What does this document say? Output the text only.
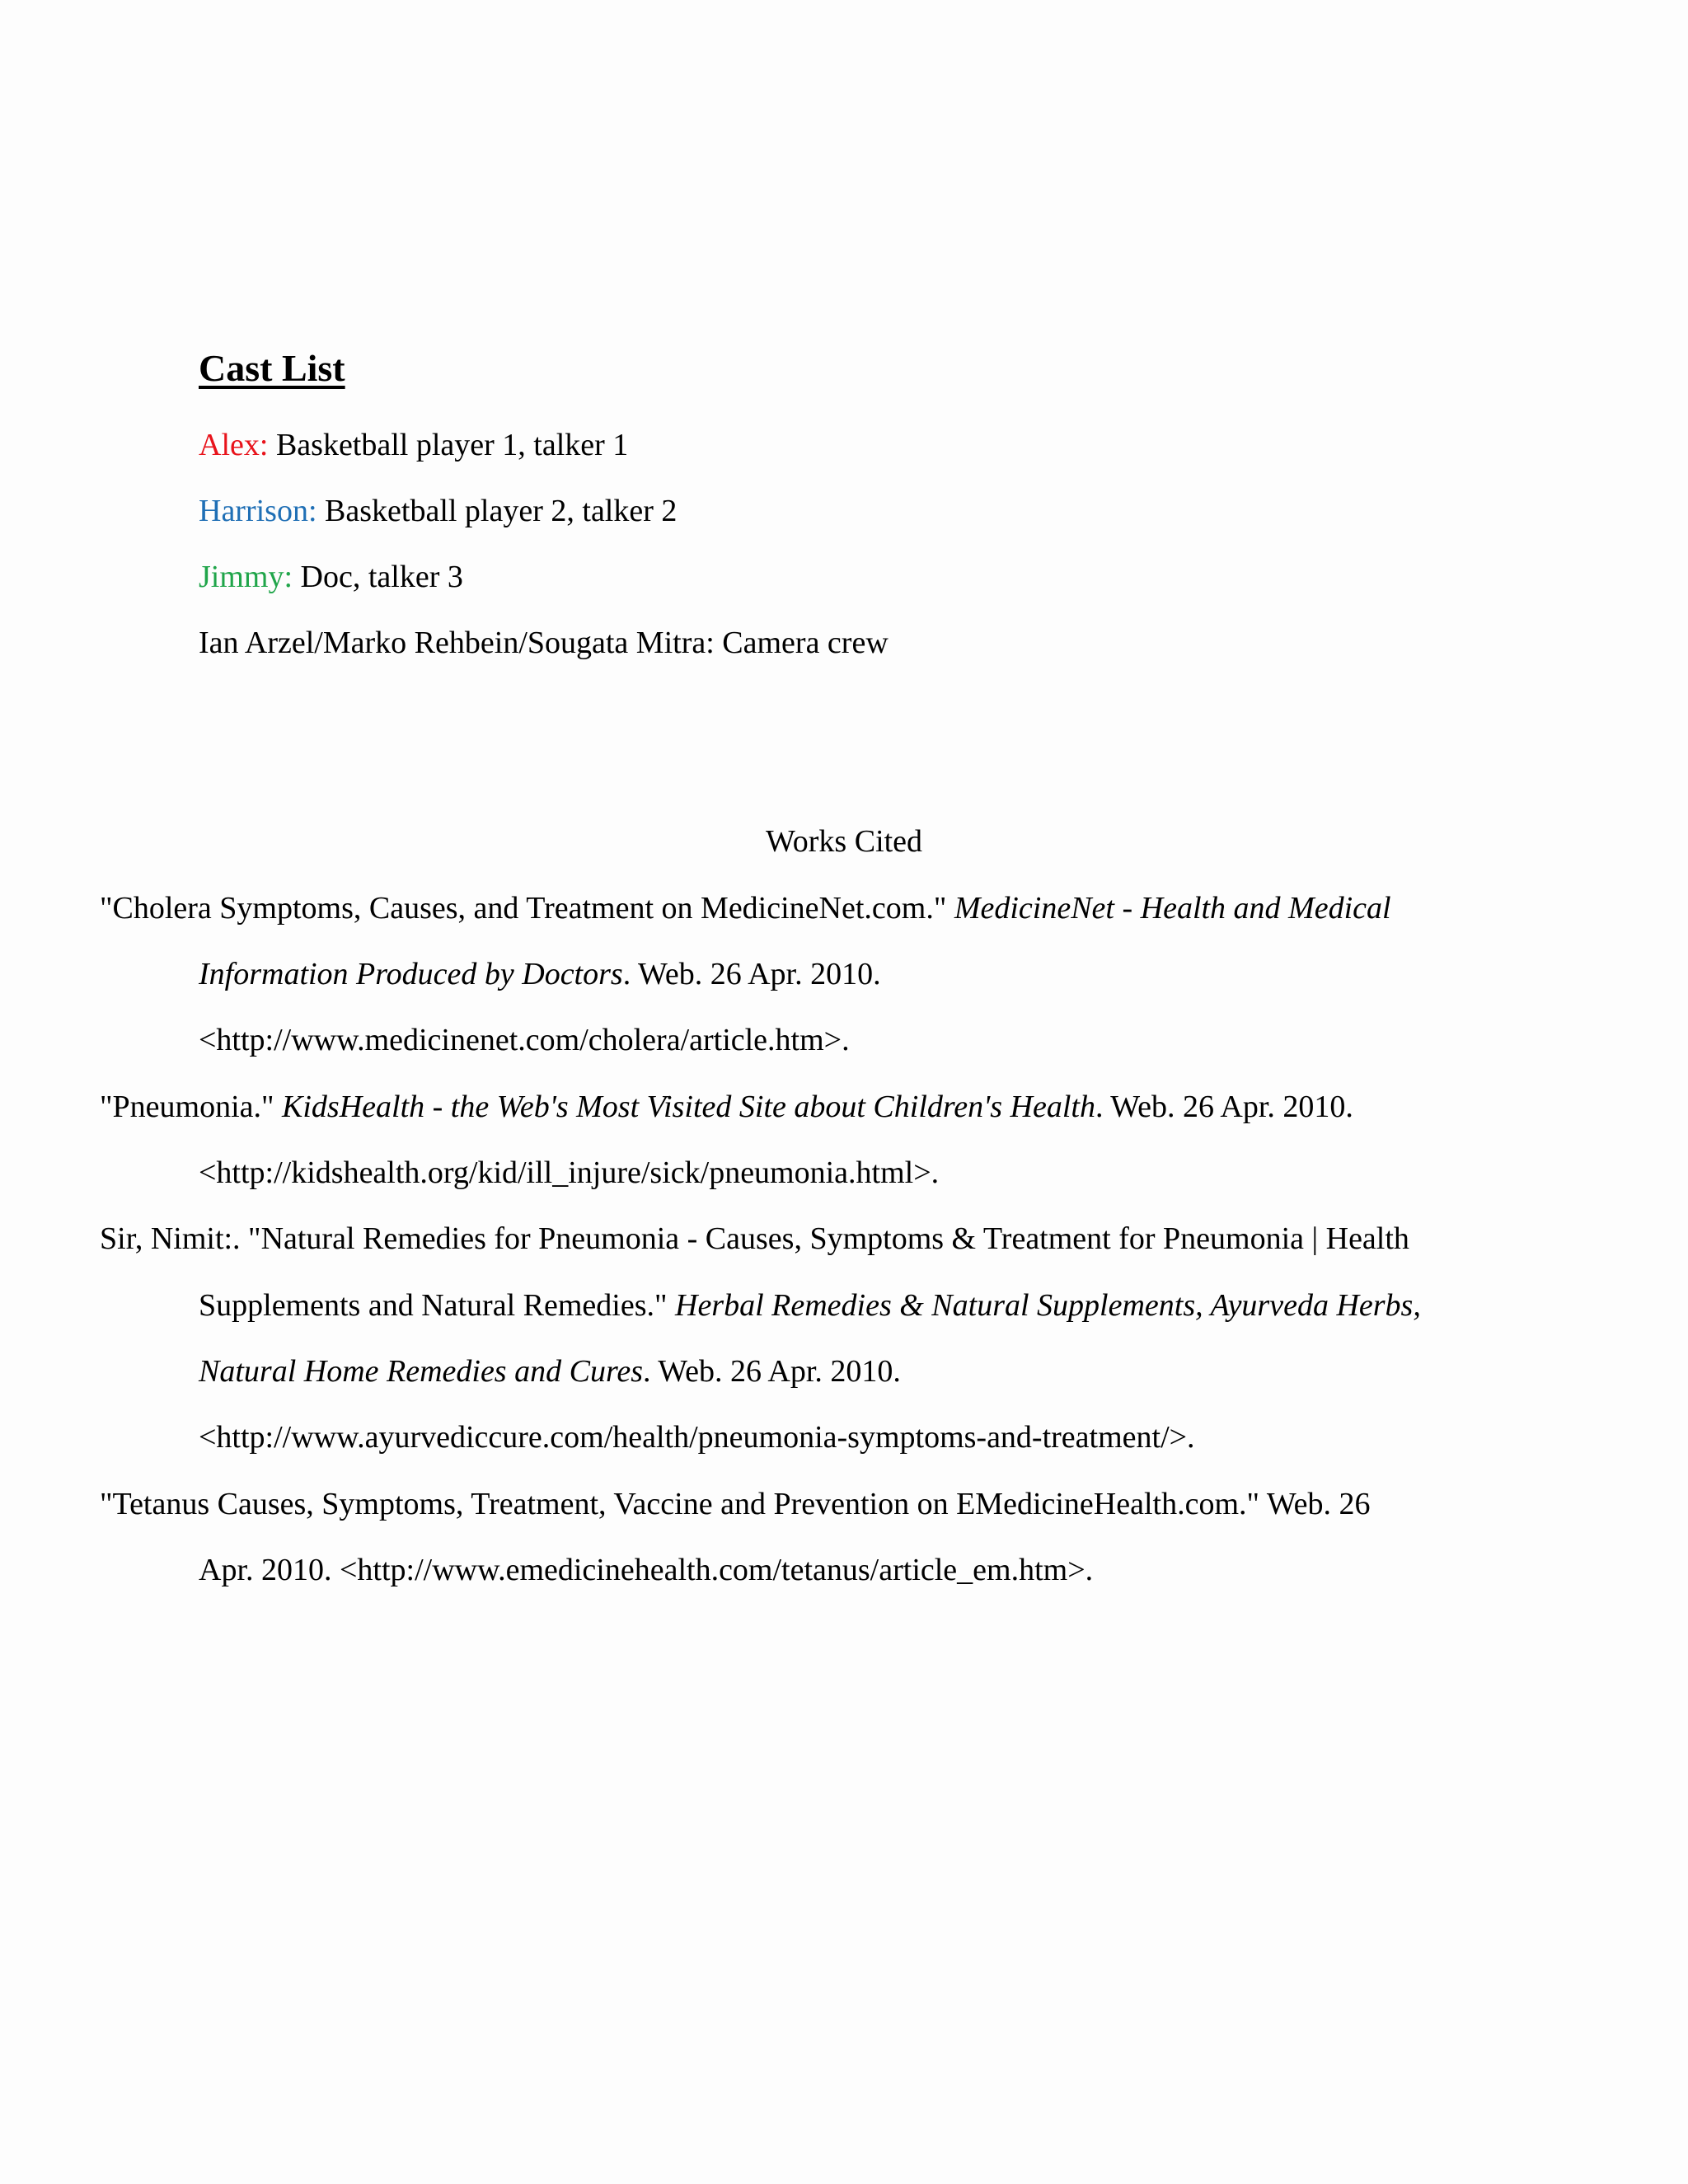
Cast List
Alex: Basketball player 1, talker 1
Harrison: Basketball player 2, talker 2
Jimmy: Doc, talker 3
Ian Arzel/Marko Rehbein/Sougata Mitra: Camera crew
Works Cited
"Cholera Symptoms, Causes, and Treatment on MedicineNet.com." MedicineNet - Health and Medical
Information Produced by Doctors. Web. 26 Apr. 2010.
<http://www.medicinenet.com/cholera/article.htm>.
"Pneumonia." KidsHealth - the Web's Most Visited Site about Children's Health. Web. 26 Apr. 2010.
<http://kidshealth.org/kid/ill_injure/sick/pneumonia.html>.
Sir, Nimit:. "Natural Remedies for Pneumonia - Causes, Symptoms & Treatment for Pneumonia | Health
Supplements and Natural Remedies." Herbal Remedies & Natural Supplements, Ayurveda Herbs,
Natural Home Remedies and Cures. Web. 26 Apr. 2010.
<http://www.ayurvediccure.com/health/pneumonia-symptoms-and-treatment/>.
"Tetanus Causes, Symptoms, Treatment, Vaccine and Prevention on EMedicineHealth.com." Web. 26
Apr. 2010. <http://www.emedicinehealth.com/tetanus/article_em.htm>.
